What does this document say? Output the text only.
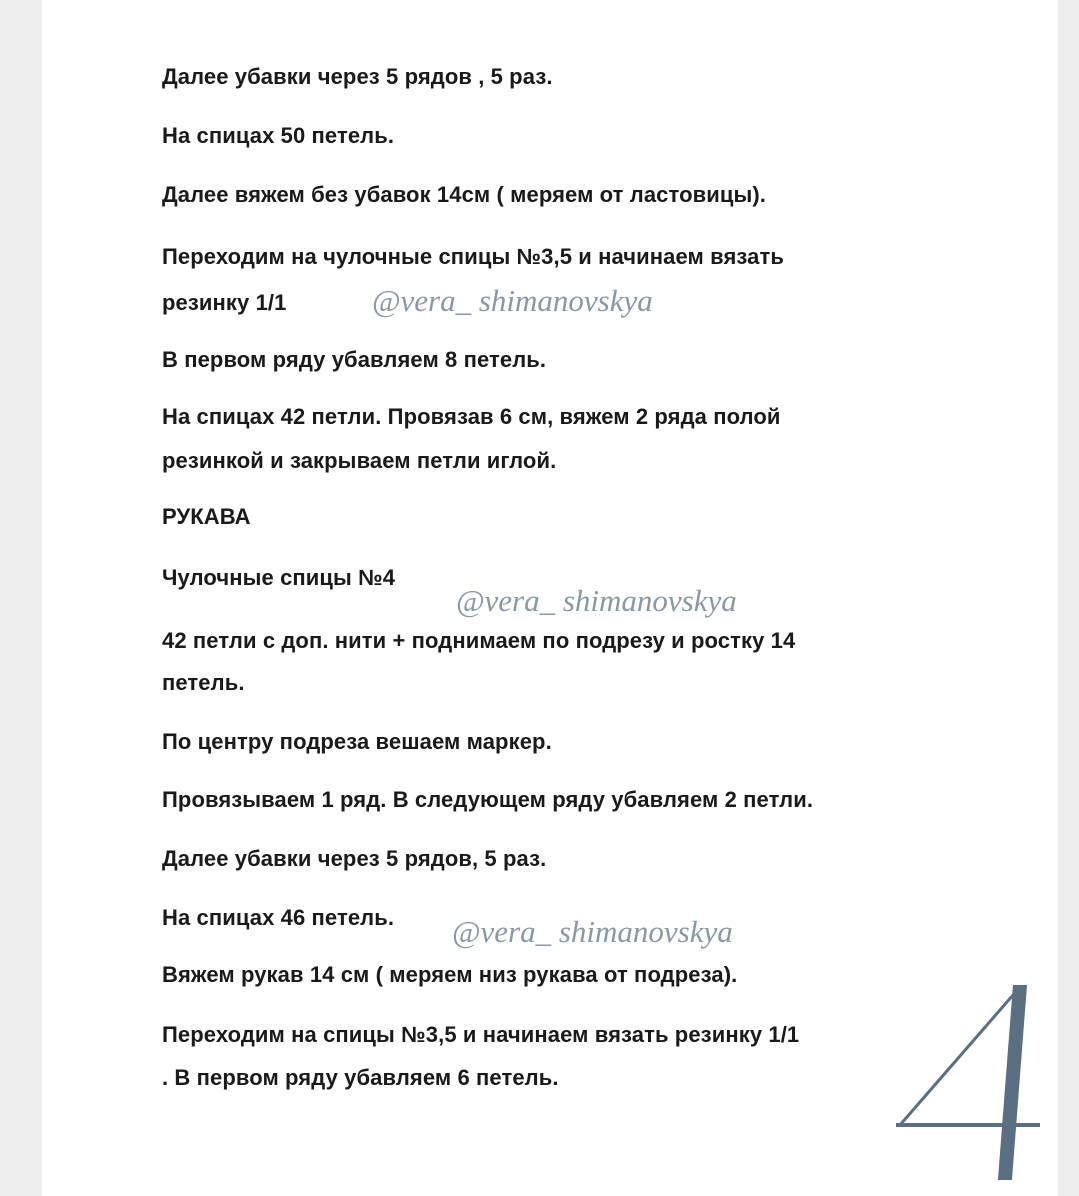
Далее убавки через 5 рядов , 5 раз.

На спицах 50 петель.

Далее вяжем без убавок 14см ( меряем от ластовицы).

Переходим на чулочные спицы №3,5 и начинаем вязать

резинку 1/1	@vera_ shimanovskya

В первом ряду убавляем 8 петель.

На спицах 42 петли. Провязав 6 см, вяжем 2 ряда полой

резинкой и закрываем петли иглой.

РУКАВА

Чулочные спицы №4

@vera_ shimanovskya

42 петли с доп. нити + поднимаем по подрезу и ростку 14

петель.

По центру подреза вешаем маркер.

Провязываем 1 ряд. В следующем ряду убавляем 2 петли.

Далее убавки через 5 рядов, 5 раз.

На спицах 46 петель. @vera_ shimanovskya

Вяжем рукав 14 см ( меряем низ рукава от подреза).

Переходим на спицы №3,5 и начинаем вязать резинку 1/1

. В первом ряду убавляем 6 петель.
